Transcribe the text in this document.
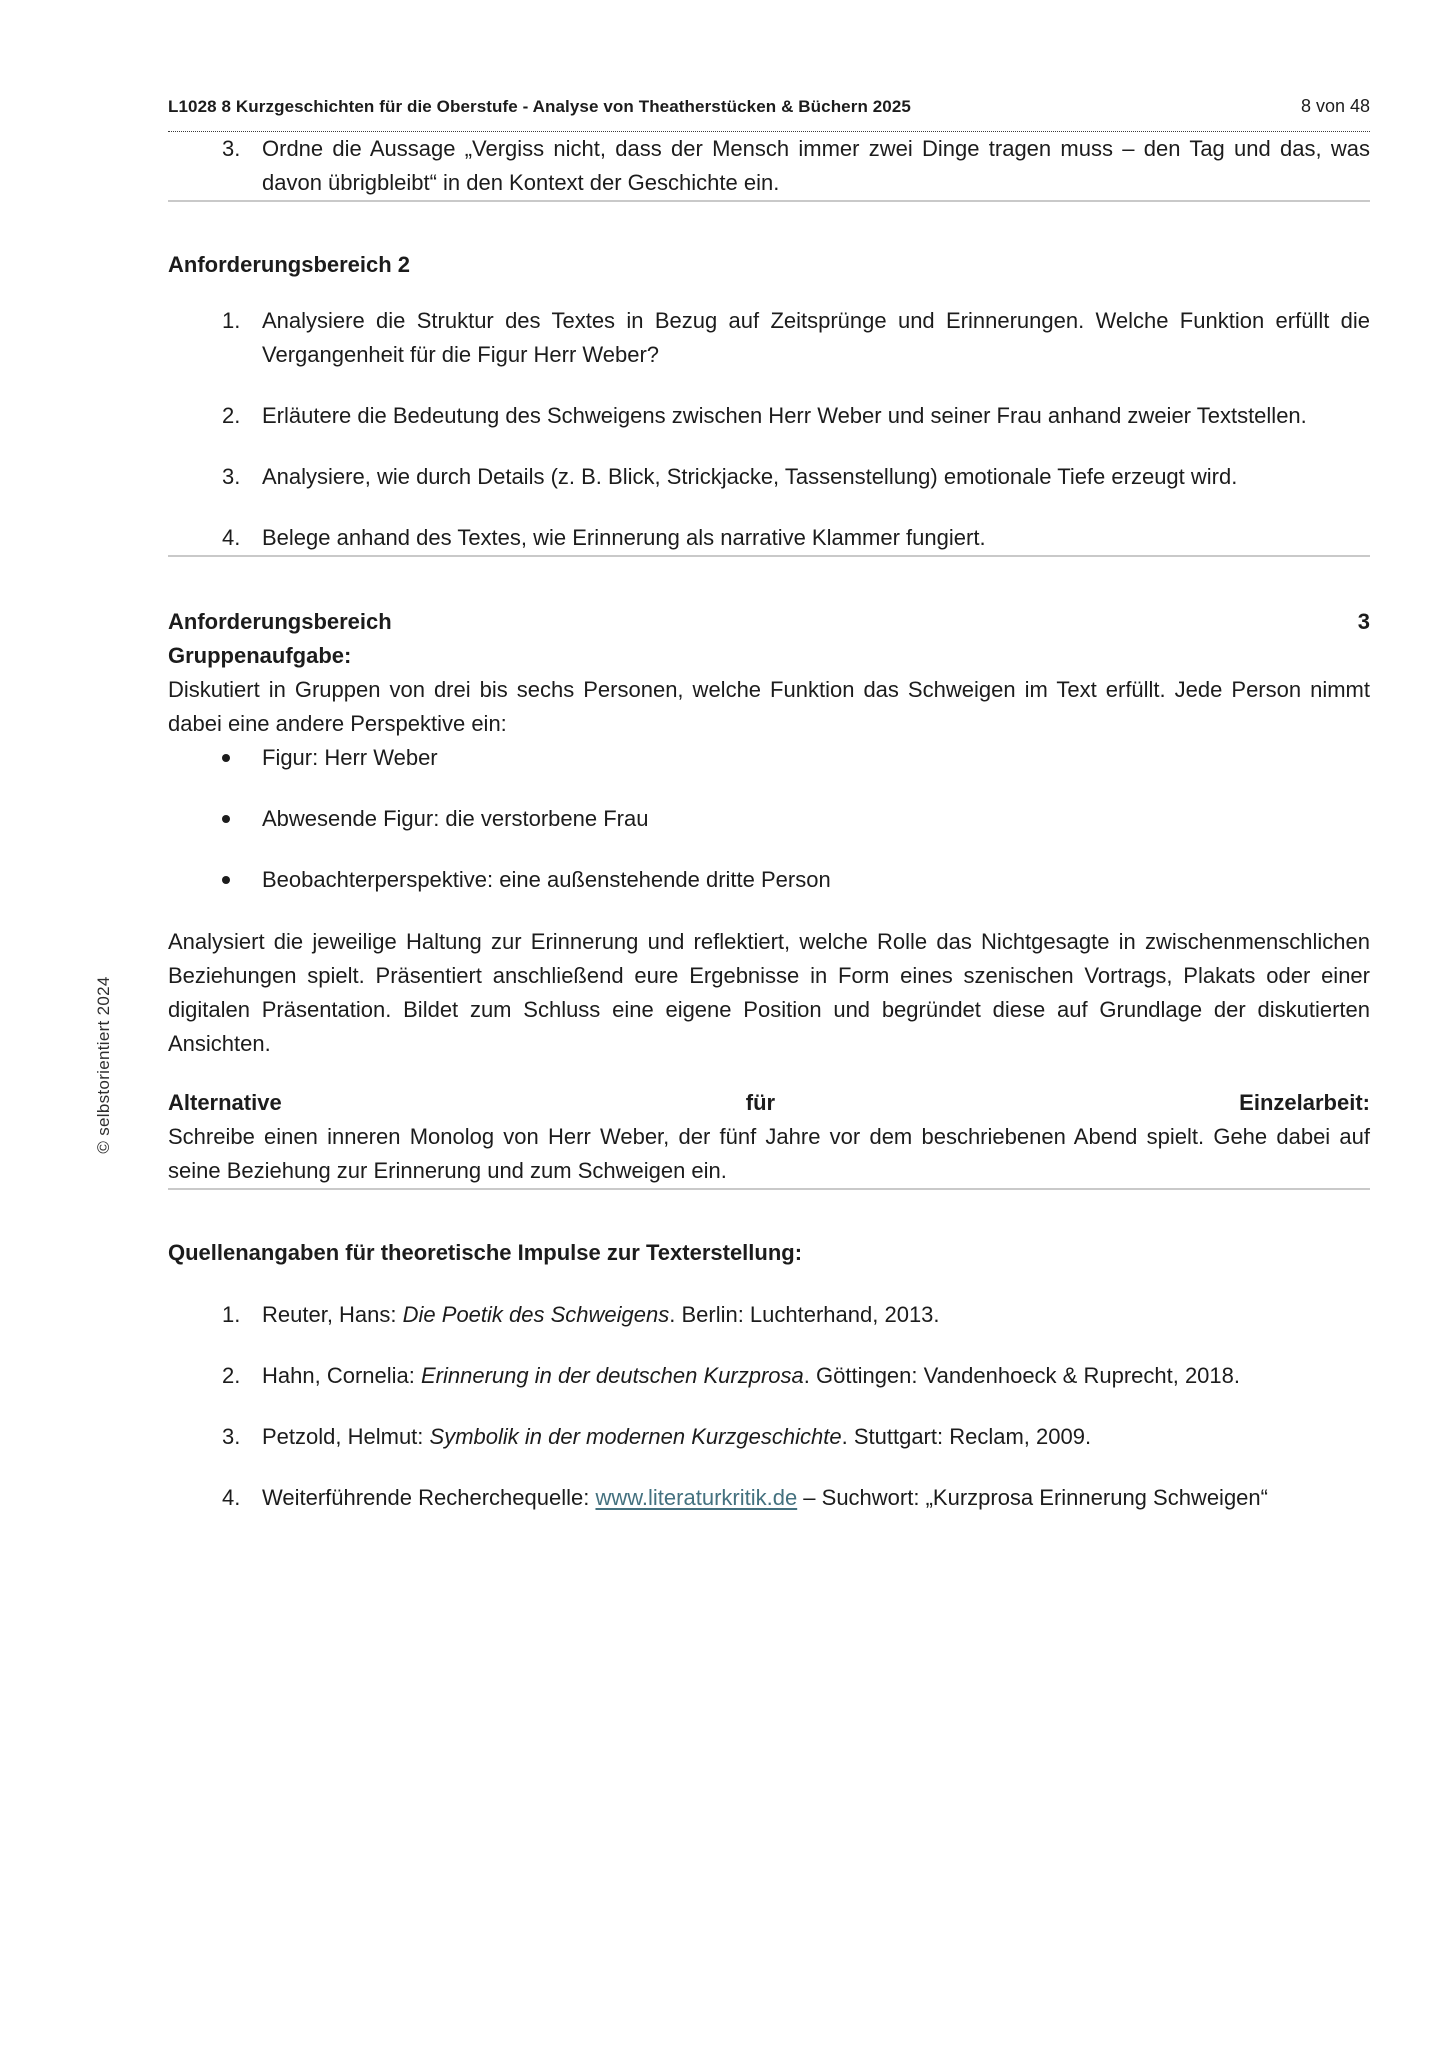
© selbstorientiert 2024
L1028 8 Kurzgeschichten für die Oberstufe - Analyse von Theatherstücken & Büchern 2025	8 von 48
3. Ordne die Aussage „Vergiss nicht, dass der Mensch immer zwei Dinge tragen muss – den Tag und das, was davon übrigbleibt“ in den Kontext der Geschichte ein.
Anforderungsbereich 2
1. Analysiere die Struktur des Textes in Bezug auf Zeitsprünge und Erinnerungen. Welche Funktion erfüllt die Vergangenheit für die Figur Herr Weber?
2. Erläutere die Bedeutung des Schweigens zwischen Herr Weber und seiner Frau anhand zweier Textstellen.
3. Analysiere, wie durch Details (z. B. Blick, Strickjacke, Tassenstellung) emotionale Tiefe erzeugt wird.
4. Belege anhand des Textes, wie Erinnerung als narrative Klammer fungiert.
Anforderungsbereich	3
Gruppenaufgabe:

Diskutiert in Gruppen von drei bis sechs Personen, welche Funktion das Schweigen im Text erfüllt. Jede Person nimmt dabei eine andere Perspektive ein:

Figur: Herr Weber
Abwesende Figur: die verstorbene Frau
Beobachterperspektive: eine außenstehende dritte Person

Analysiert die jeweilige Haltung zur Erinnerung und reflektiert, welche Rolle das Nichtgesagte in zwischenmenschlichen Beziehungen spielt. Präsentiert anschließend eure Ergebnisse in Form eines szenischen Vortrags, Plakats oder einer digitalen Präsentation. Bildet zum Schluss eine eigene Position und begründet diese auf Grundlage der diskutierten Ansichten.

Alternative	für	Einzelarbeit:

Schreibe einen inneren Monolog von Herr Weber, der fünf Jahre vor dem beschriebenen Abend spielt. Gehe dabei auf seine Beziehung zur Erinnerung und zum Schweigen ein.

Quellenangaben für theoretische Impulse zur Texterstellung:
1. Reuter, Hans: Die Poetik des Schweigens. Berlin: Luchterhand, 2013.
2. Hahn, Cornelia: Erinnerung in der deutschen Kurzprosa. Göttingen: Vandenhoeck & Ruprecht, 2018.
3. Petzold, Helmut: Symbolik in der modernen Kurzgeschichte. Stuttgart: Reclam, 2009.
4. Weiterführende Recherchequelle: www.literaturkritik.de – Suchwort: „Kurzprosa Erinnerung Schweigen“
